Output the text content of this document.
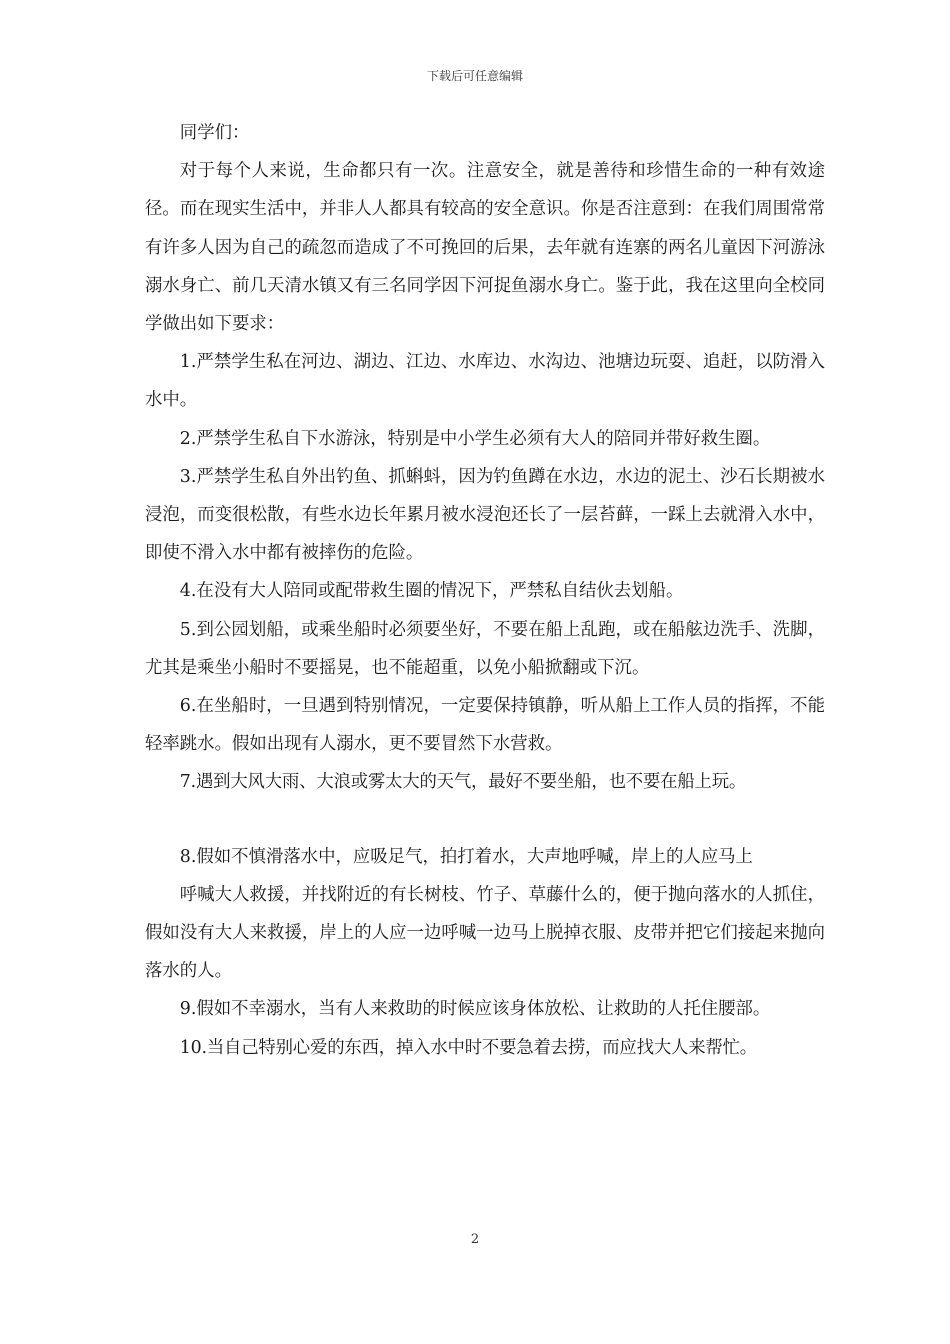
下载后可任意编辑

同学们：

对于每个人来说，生命都只有一次。注意安全，就是善待和珍惜生命的一种有效途径。而在现实生活中，并非人人都具有较高的安全意识。你是否注意到：在我们周围常常有许多人因为自己的疏忽而造成了不可挽回的后果，去年就有连寨的两名儿童因下河游泳溺水身亡、前几天清水镇又有三名同学因下河捉鱼溺水身亡。鉴于此，我在这里向全校同学做出如下要求：

1.严禁学生私在河边、湖边、江边、水库边、水沟边、池塘边玩耍、追赶，以防滑入水中。

2.严禁学生私自下水游泳，特别是中小学生必须有大人的陪同并带好救生圈。

3.严禁学生私自外出钓鱼、抓蝌蚪，因为钓鱼蹲在水边，水边的泥土、沙石长期被水浸泡，而变很松散，有些水边长年累月被水浸泡还长了一层苔藓，一踩上去就滑入水中，即使不滑入水中都有被摔伤的危险。

4.在没有大人陪同或配带救生圈的情况下，严禁私自结伙去划船。

5.到公园划船，或乘坐船时必须要坐好，不要在船上乱跑，或在船舷边洗手、洗脚，尤其是乘坐小船时不要摇晃，也不能超重，以免小船掀翻或下沉。

6.在坐船时，一旦遇到特别情况，一定要保持镇静，听从船上工作人员的指挥，不能轻率跳水。假如出现有人溺水，更不要冒然下水营救。

7.遇到大风大雨、大浪或雾太大的天气，最好不要坐船，也不要在船上玩。

8.假如不慎滑落水中，应吸足气，拍打着水，大声地呼喊，岸上的人应马上

呼喊大人救援，并找附近的有长树枝、竹子、草藤什么的，便于抛向落水的人抓住，假如没有大人来救援，岸上的人应一边呼喊一边马上脱掉衣服、皮带并把它们接起来抛向落水的人。

9.假如不幸溺水，当有人来救助的时候应该身体放松、让救助的人托住腰部。

10.当自己特别心爱的东西，掉入水中时不要急着去捞，而应找大人来帮忙。

2
